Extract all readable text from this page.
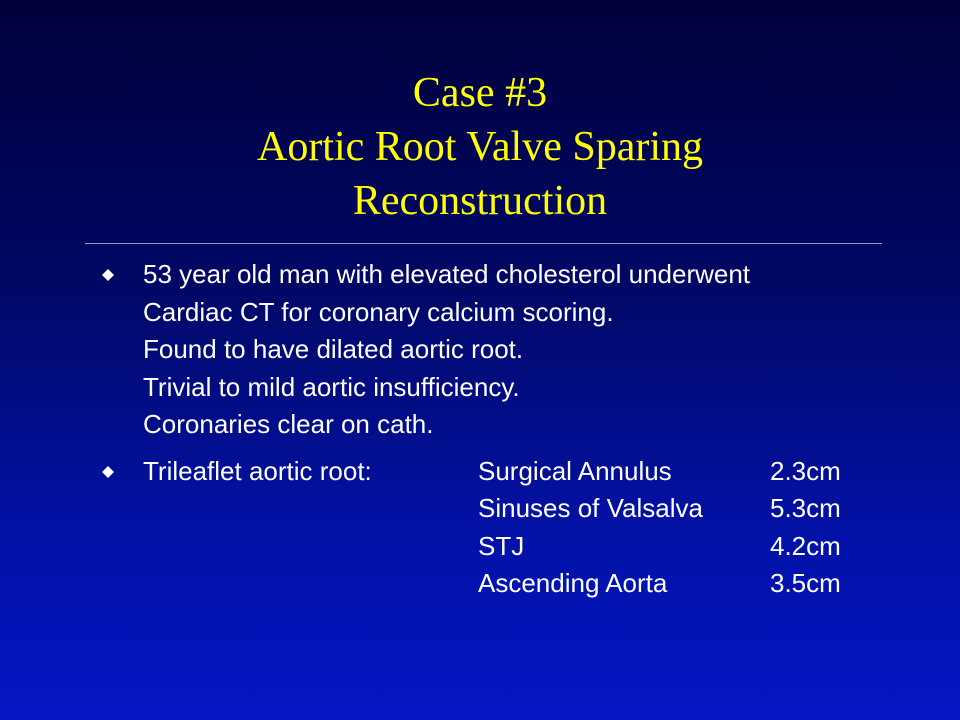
Case #3
Aortic Root Valve Sparing
Reconstruction
53 year old man with elevated cholesterol underwent
Cardiac CT for coronary calcium scoring.
Found to have dilated aortic root.
Trivial to mild aortic insufficiency.
Coronaries clear on cath.
Trileaflet aortic root:	Surgical Annulus	2.3cm
Sinuses of Valsalva	5.3cm
STJ	4.2cm
Ascending Aorta	3.5cm
